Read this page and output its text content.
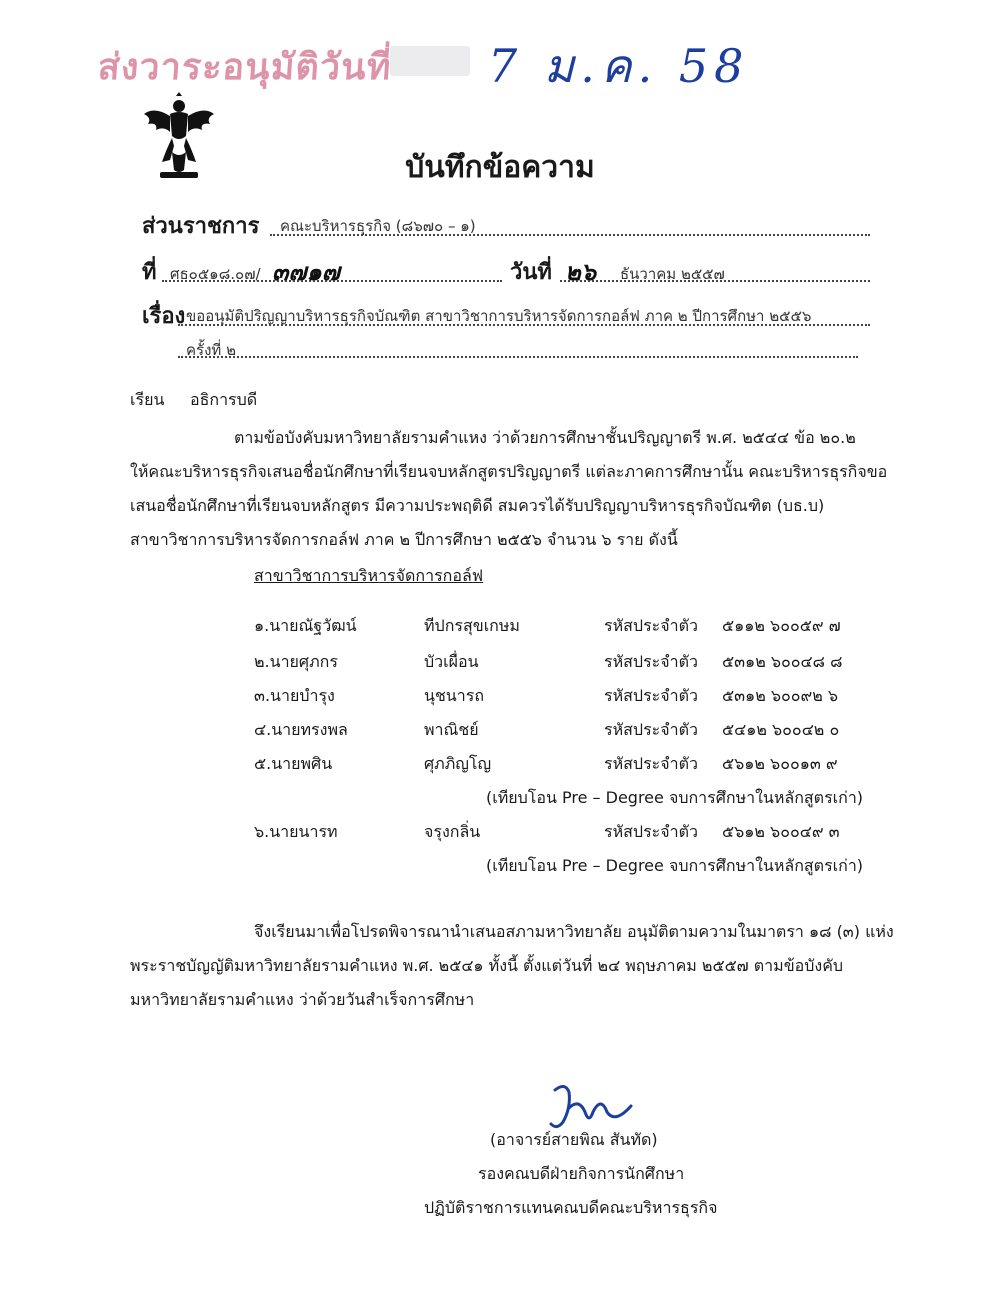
ส่งวาระอนุมัติวันที่ 7 ม.ค. 58
บันทึกข้อความ
ส่วนราชการ คณะบริหารธุรกิจ (๘๖๗๐ – ๑)
ที่ ศธ๐๕๑๘.๐๗/ ๓๗๑๗	วันที่ ๒๖ ธันวาคม ๒๕๕๗
เรื่อง ขออนุมัติปริญญาบริหารธุรกิจบัณฑิต สาขาวิชาการบริหารจัดการกอล์ฟ ภาค ๒ ปีการศึกษา ๒๕๕๖
ครั้งที่ ๒
เรียน อธิการบดี
ตามข้อบังคับมหาวิทยาลัยรามคำแหง ว่าด้วยการศึกษาชั้นปริญญาตรี พ.ศ. ๒๕๔๔ ข้อ ๒๐.๒
ให้คณะบริหารธุรกิจเสนอชื่อนักศึกษาที่เรียนจบหลักสูตรปริญญาตรี แต่ละภาคการศึกษานั้น คณะบริหารธุรกิจขอ
เสนอชื่อนักศึกษาที่เรียนจบหลักสูตร มีความประพฤติดี สมควรได้รับปริญญาบริหารธุรกิจบัณฑิต (บธ.บ)
สาขาวิชาการบริหารจัดการกอล์ฟ ภาค ๒ ปีการศึกษา ๒๕๕๖ จำนวน ๖ ราย ดังนี้
สาขาวิชาการบริหารจัดการกอล์ฟ
๑.นายณัฐวัฒน์	ทีปกรสุขเกษม	รหัสประจำตัว ๕๑๑๒ ๖๐๐๕๙ ๗
๒.นายศุภกร	บัวเผื่อน	รหัสประจำตัว ๕๓๑๒ ๖๐๐๔๘ ๘
๓.นายบำรุง	นุชนารถ	รหัสประจำตัว ๕๓๑๒ ๖๐๐๙๒ ๖
๔.นายทรงพล	พาณิชย์	รหัสประจำตัว ๕๔๑๒ ๖๐๐๔๒ ๐
๕.นายพศิน	ศุภภิญโญ	รหัสประจำตัว ๕๖๑๒ ๖๐๐๑๓ ๙
(เทียบโอน Pre – Degree จบการศึกษาในหลักสูตรเก่า)
๖.นายนารท	จรุงกลิ่น	รหัสประจำตัว ๕๖๑๒ ๖๐๐๔๙ ๓
(เทียบโอน Pre – Degree จบการศึกษาในหลักสูตรเก่า)
จึงเรียนมาเพื่อโปรดพิจารณานำเสนอสภามหาวิทยาลัย อนุมัติตามความในมาตรา ๑๘ (๓) แห่ง
พระราชบัญญัติมหาวิทยาลัยรามคำแหง พ.ศ. ๒๕๔๑ ทั้งนี้ ตั้งแต่วันที่ ๒๔ พฤษภาคม ๒๕๕๗ ตามข้อบังคับ
มหาวิทยาลัยรามคำแหง ว่าด้วยวันสำเร็จการศึกษา
(อาจารย์สายพิณ สันทัด)
รองคณบดีฝ่ายกิจการนักศึกษา
ปฏิบัติราชการแทนคณบดีคณะบริหารธุรกิจ
